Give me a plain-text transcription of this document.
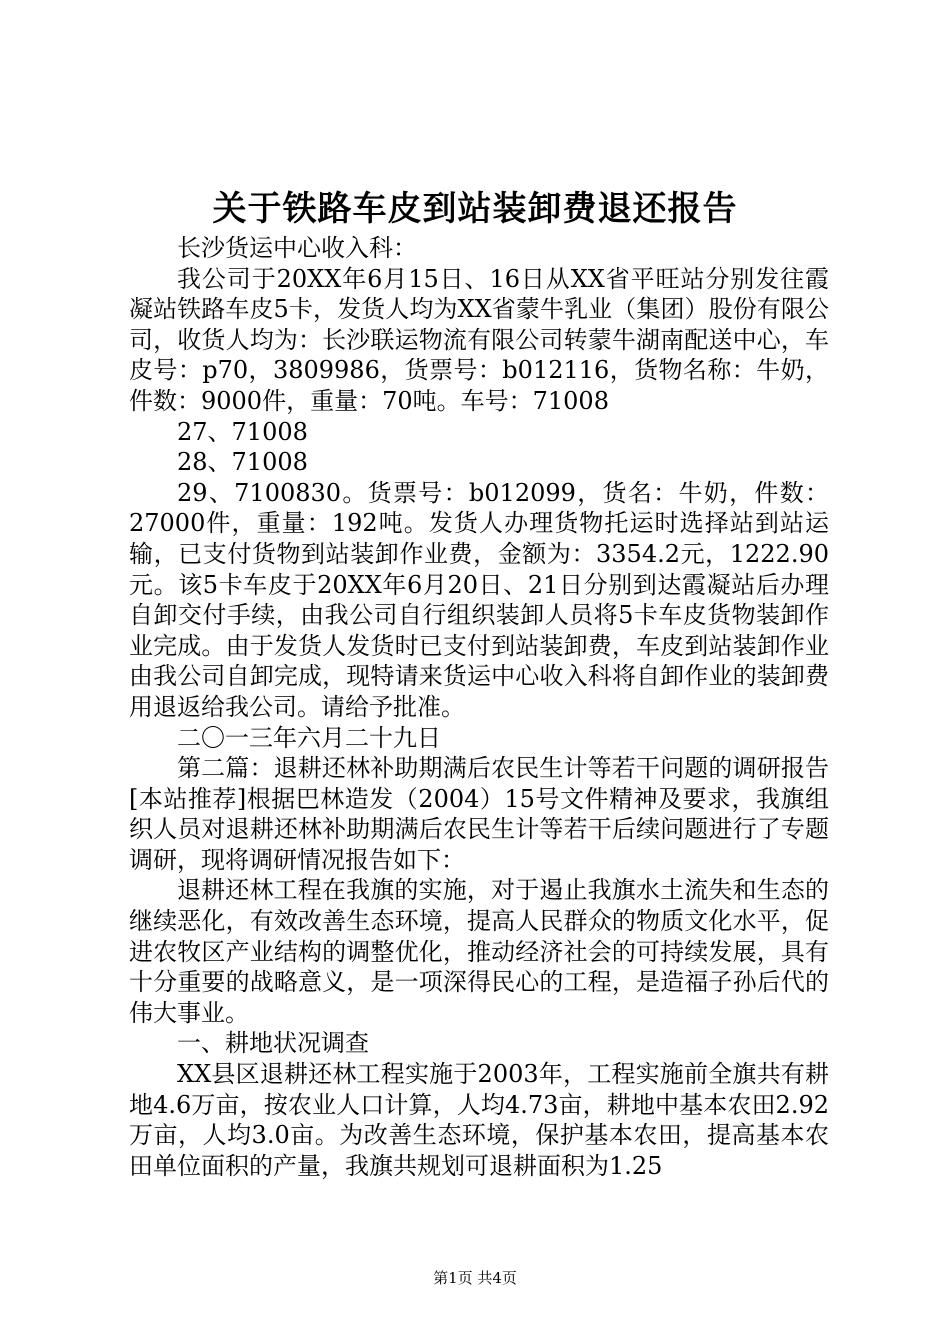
关于铁路车皮到站装卸费退还报告

长沙货运中心收入科：

我公司于20XX年6月15日、16日从XX省平旺站分别发往霞凝站铁路车皮5卡，发货人均为XX省蒙牛乳业（集团）股份有限公司，收货人均为：长沙联运物流有限公司转蒙牛湖南配送中心，车皮号：p70，3809986，货票号：b012116，货物名称：牛奶，件数：9000件，重量：70吨。车号：71008

27、71008

28、71008

29、7100830。货票号：b012099，货名：牛奶，件数：27000件，重量：192吨。发货人办理货物托运时选择站到站运输，已支付货物到站装卸作业费，金额为：3354.2元，1222.90元。该5卡车皮于20XX年6月20日、21日分别到达霞凝站后办理自卸交付手续，由我公司自行组织装卸人员将5卡车皮货物装卸作业完成。由于发货人发货时已支付到站装卸费，车皮到站装卸作业由我公司自卸完成，现特请来货运中心收入科将自卸作业的装卸费用退返给我公司。请给予批准。

二〇一三年六月二十九日

第二篇：退耕还林补助期满后农民生计等若干问题的调研报告[本站推荐]根据巴林造发（2004）15号文件精神及要求，我旗组织人员对退耕还林补助期满后农民生计等若干后续问题进行了专题调研，现将调研情况报告如下：

退耕还林工程在我旗的实施，对于遏止我旗水土流失和生态的继续恶化，有效改善生态环境，提高人民群众的物质文化水平，促进农牧区产业结构的调整优化，推动经济社会的可持续发展，具有十分重要的战略意义，是一项深得民心的工程，是造福子孙后代的伟大事业。

一、耕地状况调查

XX县区退耕还林工程实施于2003年，工程实施前全旗共有耕地4.6万亩，按农业人口计算，人均4.73亩，耕地中基本农田2.92万亩，人均3.0亩。为改善生态环境，保护基本农田，提高基本农田单位面积的产量，我旗共规划可退耕面积为1.25

第1页 共4页
